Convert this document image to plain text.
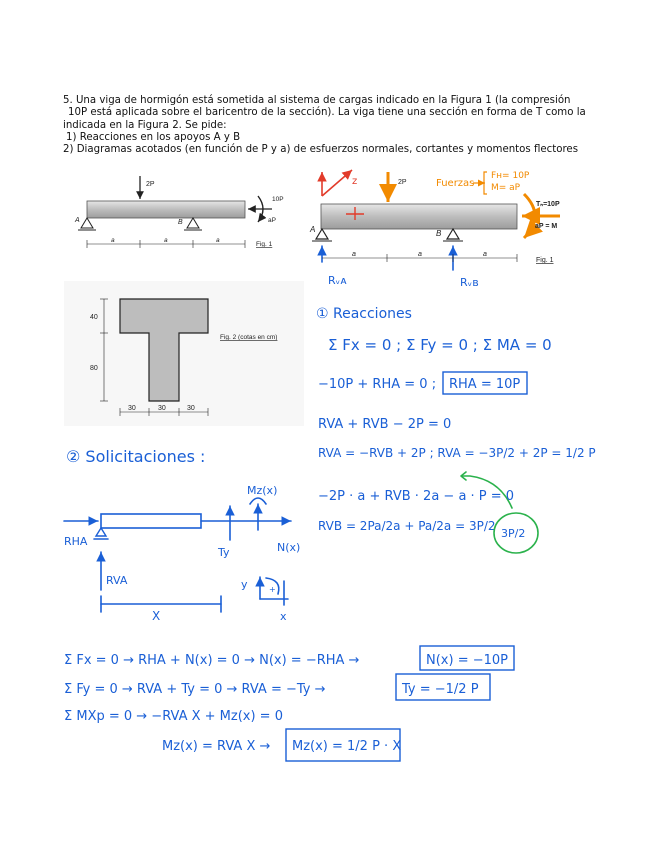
5. Una viga de hormigón está sometida al sistema de cargas indicado en la Figura 1 (la compresión
10P está aplicada sobre el baricentro de la sección). La viga tiene una sección en forma de T como la
indicada en la Figura 2. Se pide:
1) Reacciones en los apoyos A y B
2) Diagramas acotados (en función de P y a) de esfuerzos normales, cortantes y momentos flectores
2P
10P
aP
A	B
a	a	a
Fig. 1
z	2P	Fuerzas
Fʜ= 10P
M= aP
Tₙ=10P
aP = M
A	B
a	a	a
Fig. 1
Rᵥᴀ	Rᵥʙ
40
80
30	30	30
Fig. 2 (cotas en cm)
① Reacciones
Σ Fx = 0 ; Σ Fy = 0 ; Σ MA = 0
−10P + RHA = 0 ; RHA = 10P
RVA + RVB − 2P = 0
RVA = −RVB + 2P ; RVA = −3P/2 + 2P = 1/2 P
−2P · a + RVB · 2a − a · P = 0
RVB = 2Pa/2a + Pa/2a = 3P/2
3P/2
② Solicitaciones :
RHA
RVA
N(x)
Ty
Mz(x)
X
y	+
x
Σ Fx = 0 → RHA + N(x) = 0 → N(x) = −RHA →	N(x) = −10P
Σ Fy = 0 → RVA + Ty = 0 → RVA = −Ty →	Ty = −1/2 P
Σ MXp = 0 → −RVA X + Mz(x) = 0
Mz(x) = RVA X → Mz(x) = 1/2 P · X
